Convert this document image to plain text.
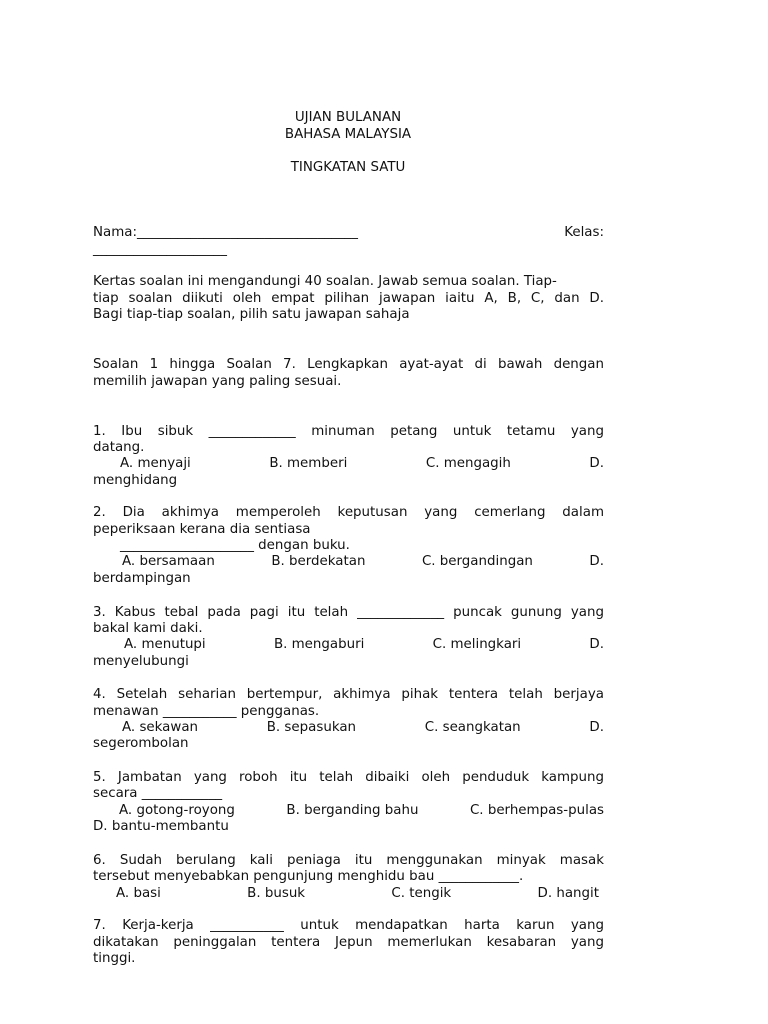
UJIAN BULANAN
BAHASA MALAYSIA
TINGKATAN SATU
Nama:_________________________________	Kelas:
____________________
Kertas soalan ini mengandungi 40 soalan. Jawab semua soalan. Tiap-
tiap soalan diikuti oleh empat pilihan jawapan iaitu A, B, C, dan D.
Bagi tiap-tiap soalan, pilih satu jawapan sahaja
Soalan 1 hingga Soalan 7. Lengkapkan ayat-ayat di bawah dengan
memilih jawapan yang paling sesuai.
1. Ibu sibuk _____________ minuman petang untuk tetamu yang
datang.
A. menyaji	B. memberi	C. mengagih	D.
menghidang
2. Dia akhimya memperoleh keputusan yang cemerlang dalam
peperiksaan kerana dia sentiasa
____________________ dengan buku.
A. bersamaan	B. berdekatan	C. bergandingan	D.
berdampingan
3. Kabus tebal pada pagi itu telah _____________ puncak gunung yang
bakal kami daki.
A. menutupi	B. mengaburi	C. melingkari	D.
menyelubungi
4. Setelah seharian bertempur, akhimya pihak tentera telah berjaya
menawan ___________ pengganas.
A. sekawan	B. sepasukan	C. seangkatan	D.
segerombolan
5. Jambatan yang roboh itu telah dibaiki oleh penduduk kampung
secara ____________
A. gotong-royong	B. berganding bahu	C. berhempas-pulas
D. bantu-membantu
6. Sudah berulang kali peniaga itu menggunakan minyak masak
tersebut menyebabkan pengunjung menghidu bau ____________.
A. basi	B. busuk	C. tengik	D. hangit
7. Kerja-kerja ___________ untuk mendapatkan harta karun yang
dikatakan peninggalan tentera Jepun memerlukan kesabaran yang
tinggi.
